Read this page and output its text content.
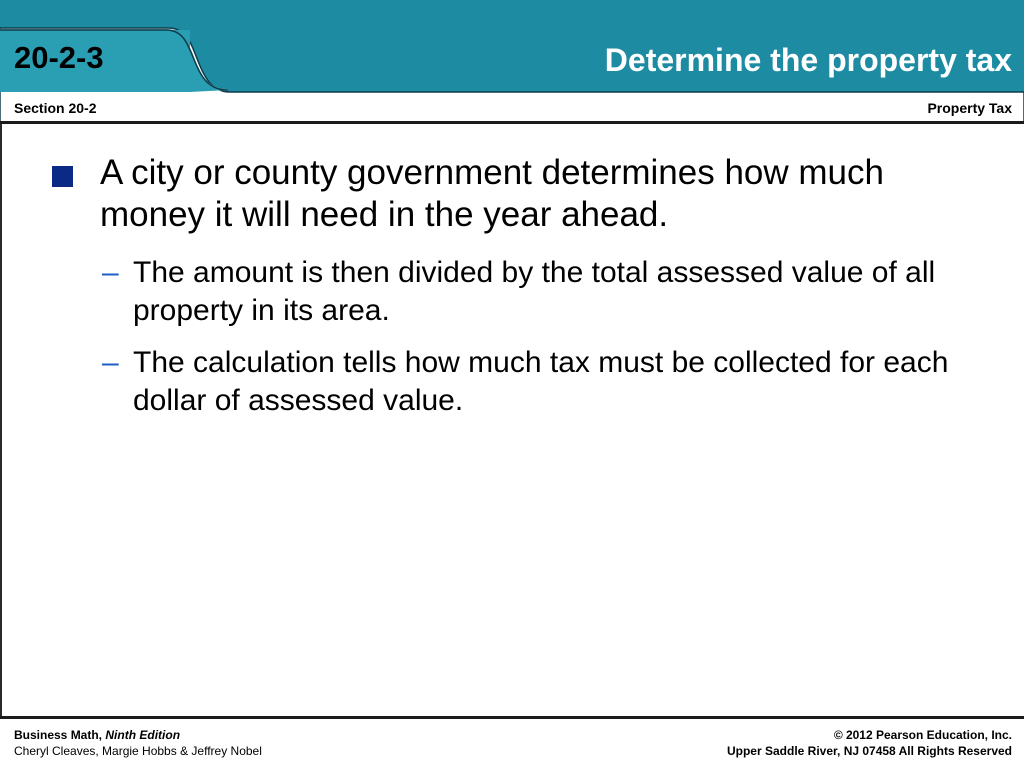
20-2-3	Determine the property tax
Section 20-2	Property Tax
A city or county government determines how much money it will need in the year ahead.
– The amount is then divided by the total assessed value of all property in its area.
– The calculation tells how much tax must be collected for each dollar of assessed value.
Business Math, Ninth Edition
Cheryl Cleaves, Margie Hobbs & Jeffrey Nobel
© 2012 Pearson Education, Inc.
Upper Saddle River, NJ 07458 All Rights Reserved
